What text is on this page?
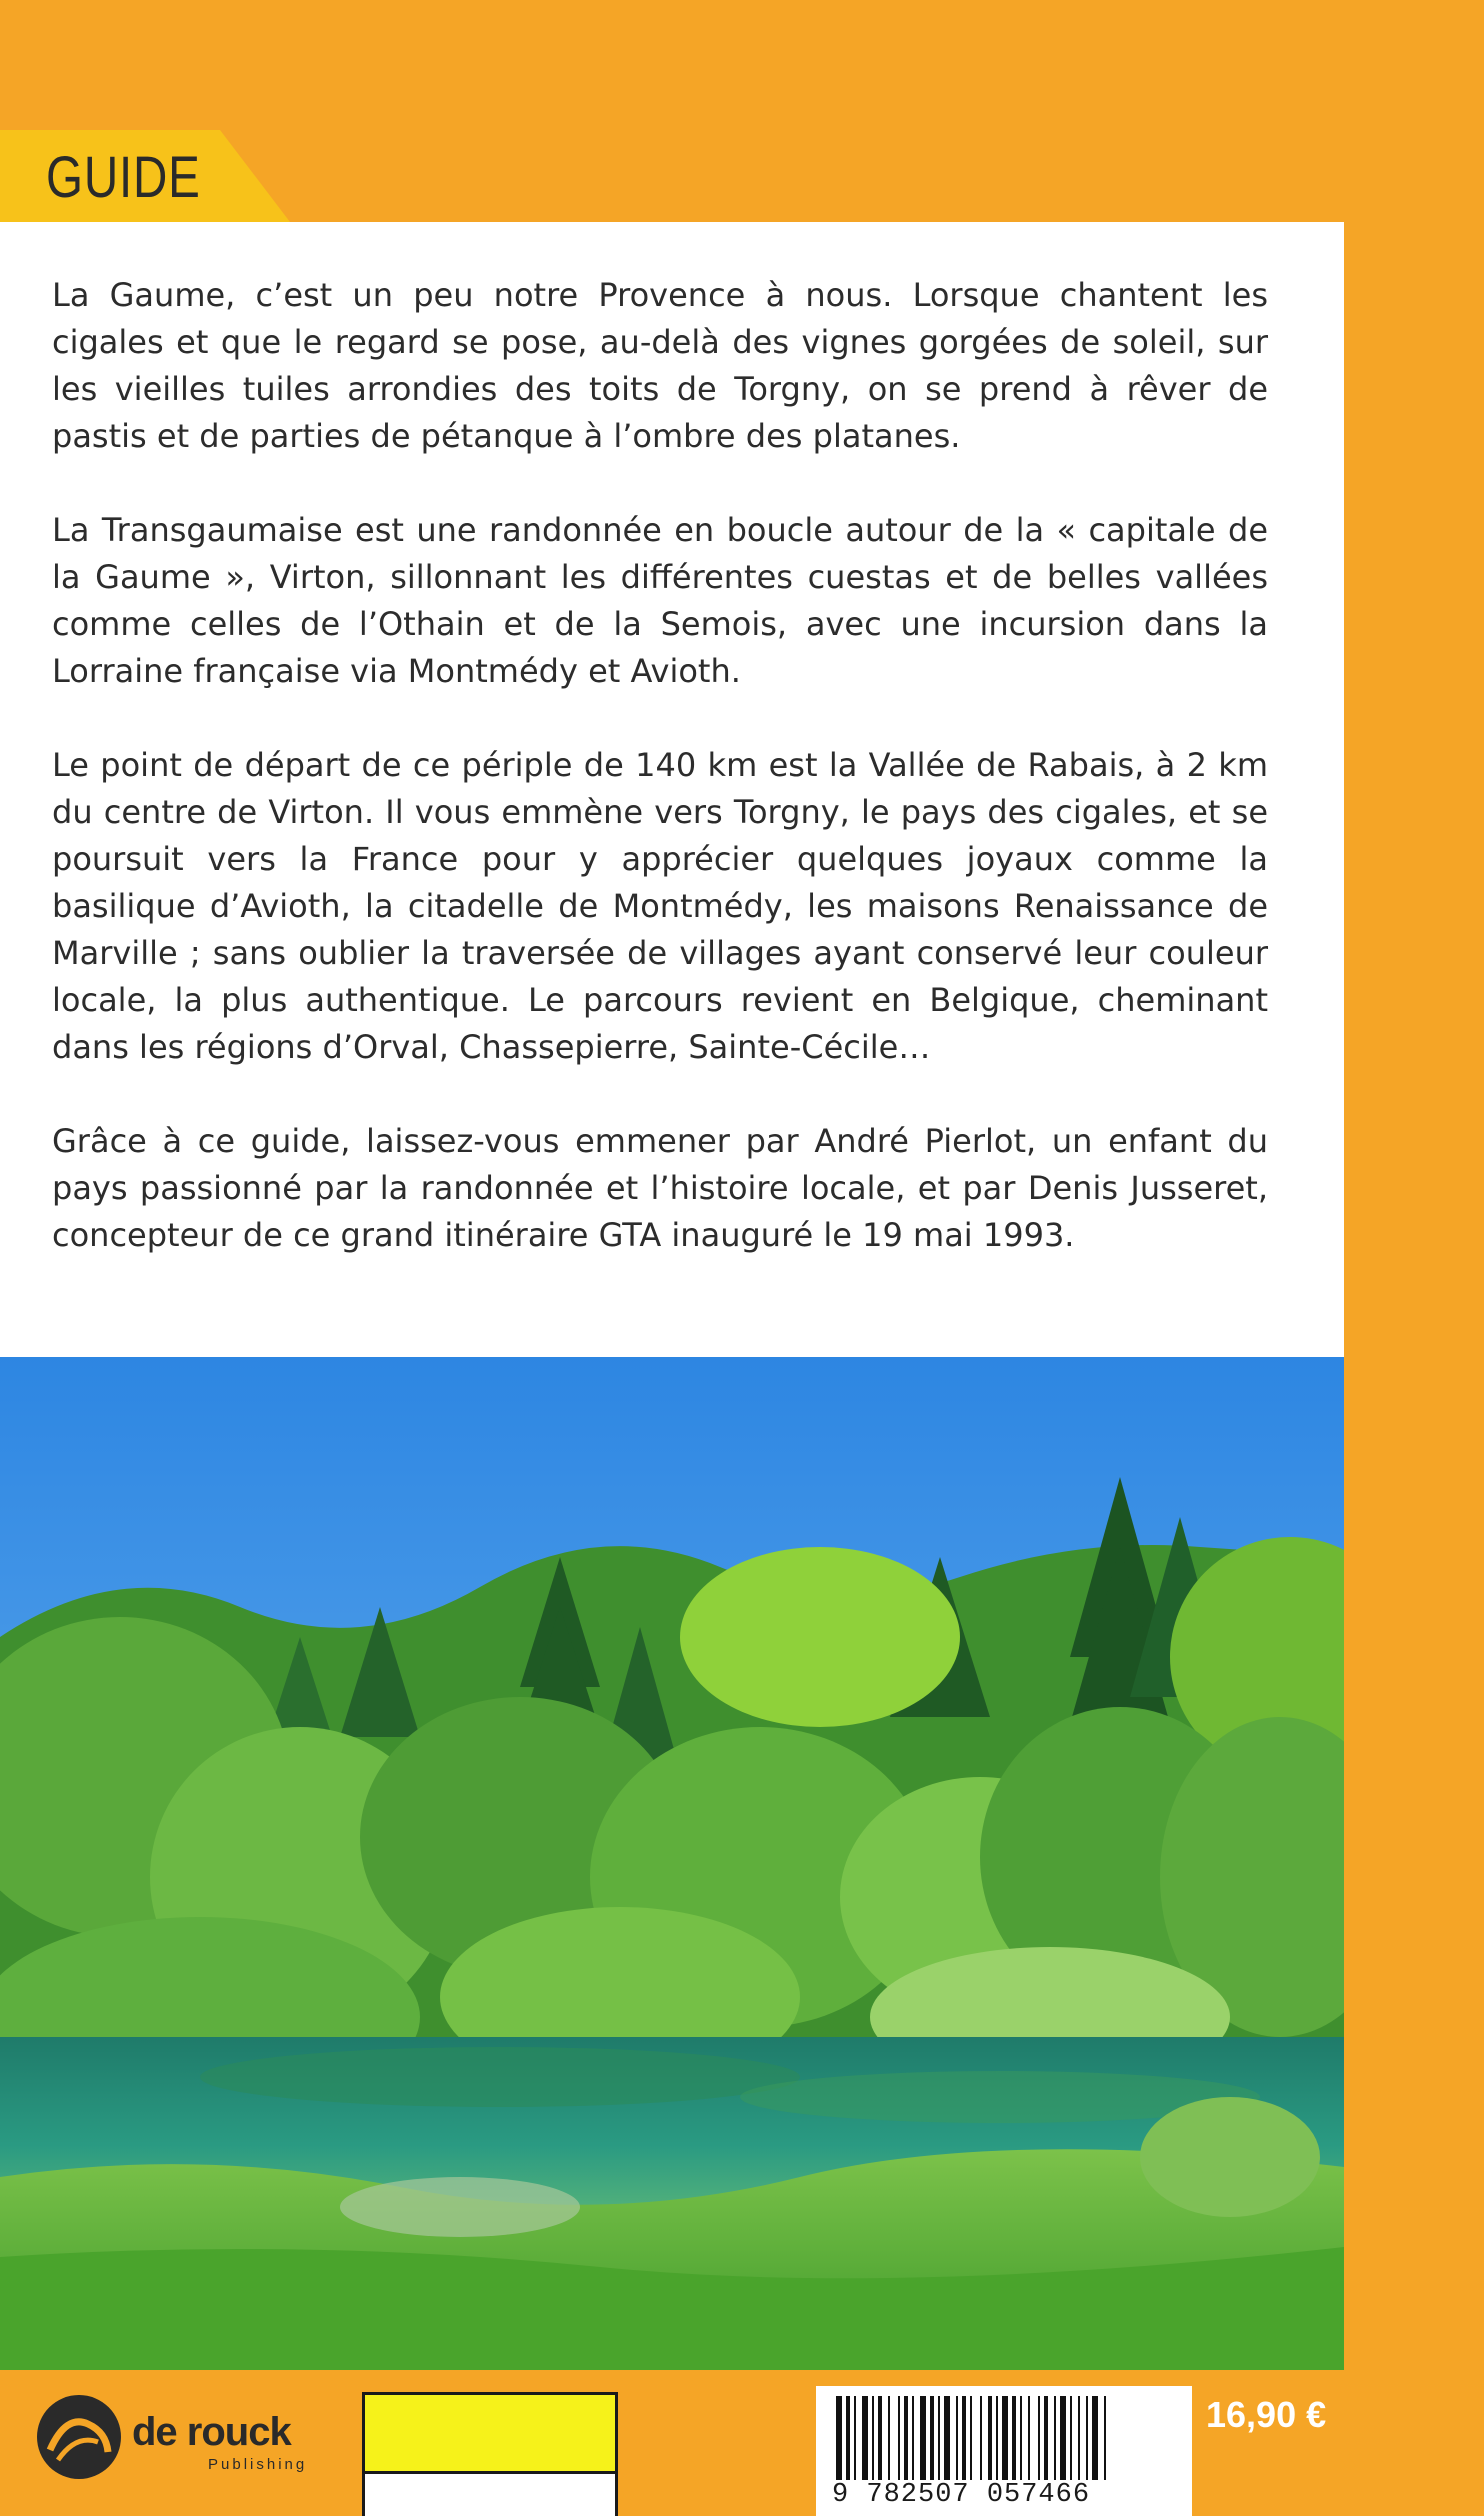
GUIDE

La Gaume, c’est un peu notre Provence à nous. Lorsque chantent les cigales et que le regard se pose, au-delà des vignes gorgées de soleil, sur les vieilles tuiles arrondies des toits de Torgny, on se prend à rêver de pastis et de parties de pétanque à l’ombre des platanes.

La Transgaumaise est une randonnée en boucle autour de la « capitale de la Gaume », Virton, sillonnant les différentes cuestas et de belles vallées comme celles de l’Othain et de la Semois, avec une incursion dans la Lorraine française via Montmédy et Avioth.

Le point de départ de ce périple de 140 km est la Vallée de Rabais, à 2 km du centre de Virton. Il vous emmène vers Torgny, le pays des cigales, et se poursuit vers la France pour y apprécier quelques joyaux comme la basilique d’Avioth, la citadelle de Montmédy, les maisons Renaissance de Marville ; sans oublier la traversée de villages ayant conservé leur couleur locale, la plus authentique. Le parcours revient en Belgique, cheminant dans les régions d’Orval, Chassepierre, Sainte-Cécile…

Grâce à ce guide, laissez-vous emmener par André Pierlot, un enfant du pays passionné par la randonnée et l’histoire locale, et par Denis Jusseret, concepteur de ce grand itinéraire GTA inauguré le 19 mai 1993.

de rouck
Publishing
9 782507 057466
16,90 €
